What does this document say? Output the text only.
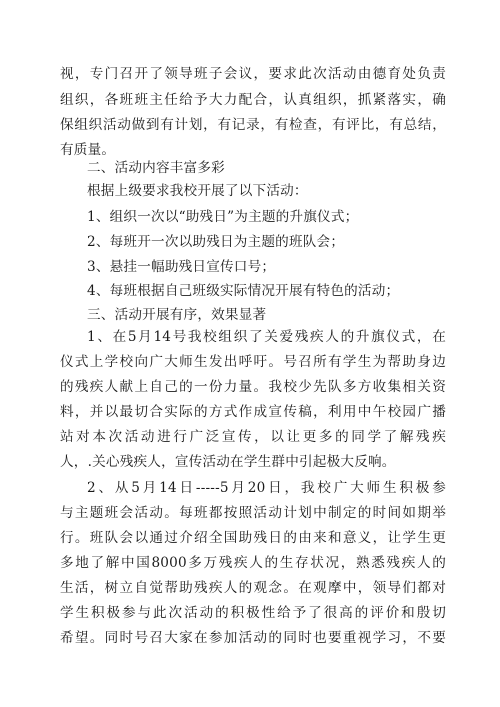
视，专门召开了领导班子会议，要求此次活动由德育处负责
组织，各班班主任给予大力配合，认真组织，抓紧落实，确
保组织活动做到有计划，有记录，有检查，有评比，有总结，
有质量。
二、活动内容丰富多彩
根据上级要求我校开展了以下活动：
1、组织一次以“助残日”为主题的升旗仪式；
2、每班开一次以助残日为主题的班队会；
3、悬挂一幅助残日宣传口号；
4、每班根据自己班级实际情况开展有特色的活动；
三、活动开展有序，效果显著
1、在5月14号我校组织了关爱残疾人的升旗仪式，在
仪式上学校向广大师生发出呼吁。号召所有学生为帮助身边
的残疾人献上自己的一份力量。我校少先队多方收集相关资
料，并以最切合实际的方式作成宣传稿，利用中午校园广播
站对本次活动进行广泛宣传，以让更多的同学了解残疾
人，.关心残疾人，宣传活动在学生群中引起极大反响。
2、从5月14日-----5月20日，我校广大师生积极参
与主题班会活动。每班都按照活动计划中制定的时间如期举
行。班队会以通过介绍全国助残日的由来和意义，让学生更
多地了解中国8000多万残疾人的生存状况，熟悉残疾人的
生活，树立自觉帮助残疾人的观念。在观摩中，领导们都对
学生积极参与此次活动的积极性给予了很高的评价和殷切
希望。同时号召大家在参加活动的同时也要重视学习，不要
